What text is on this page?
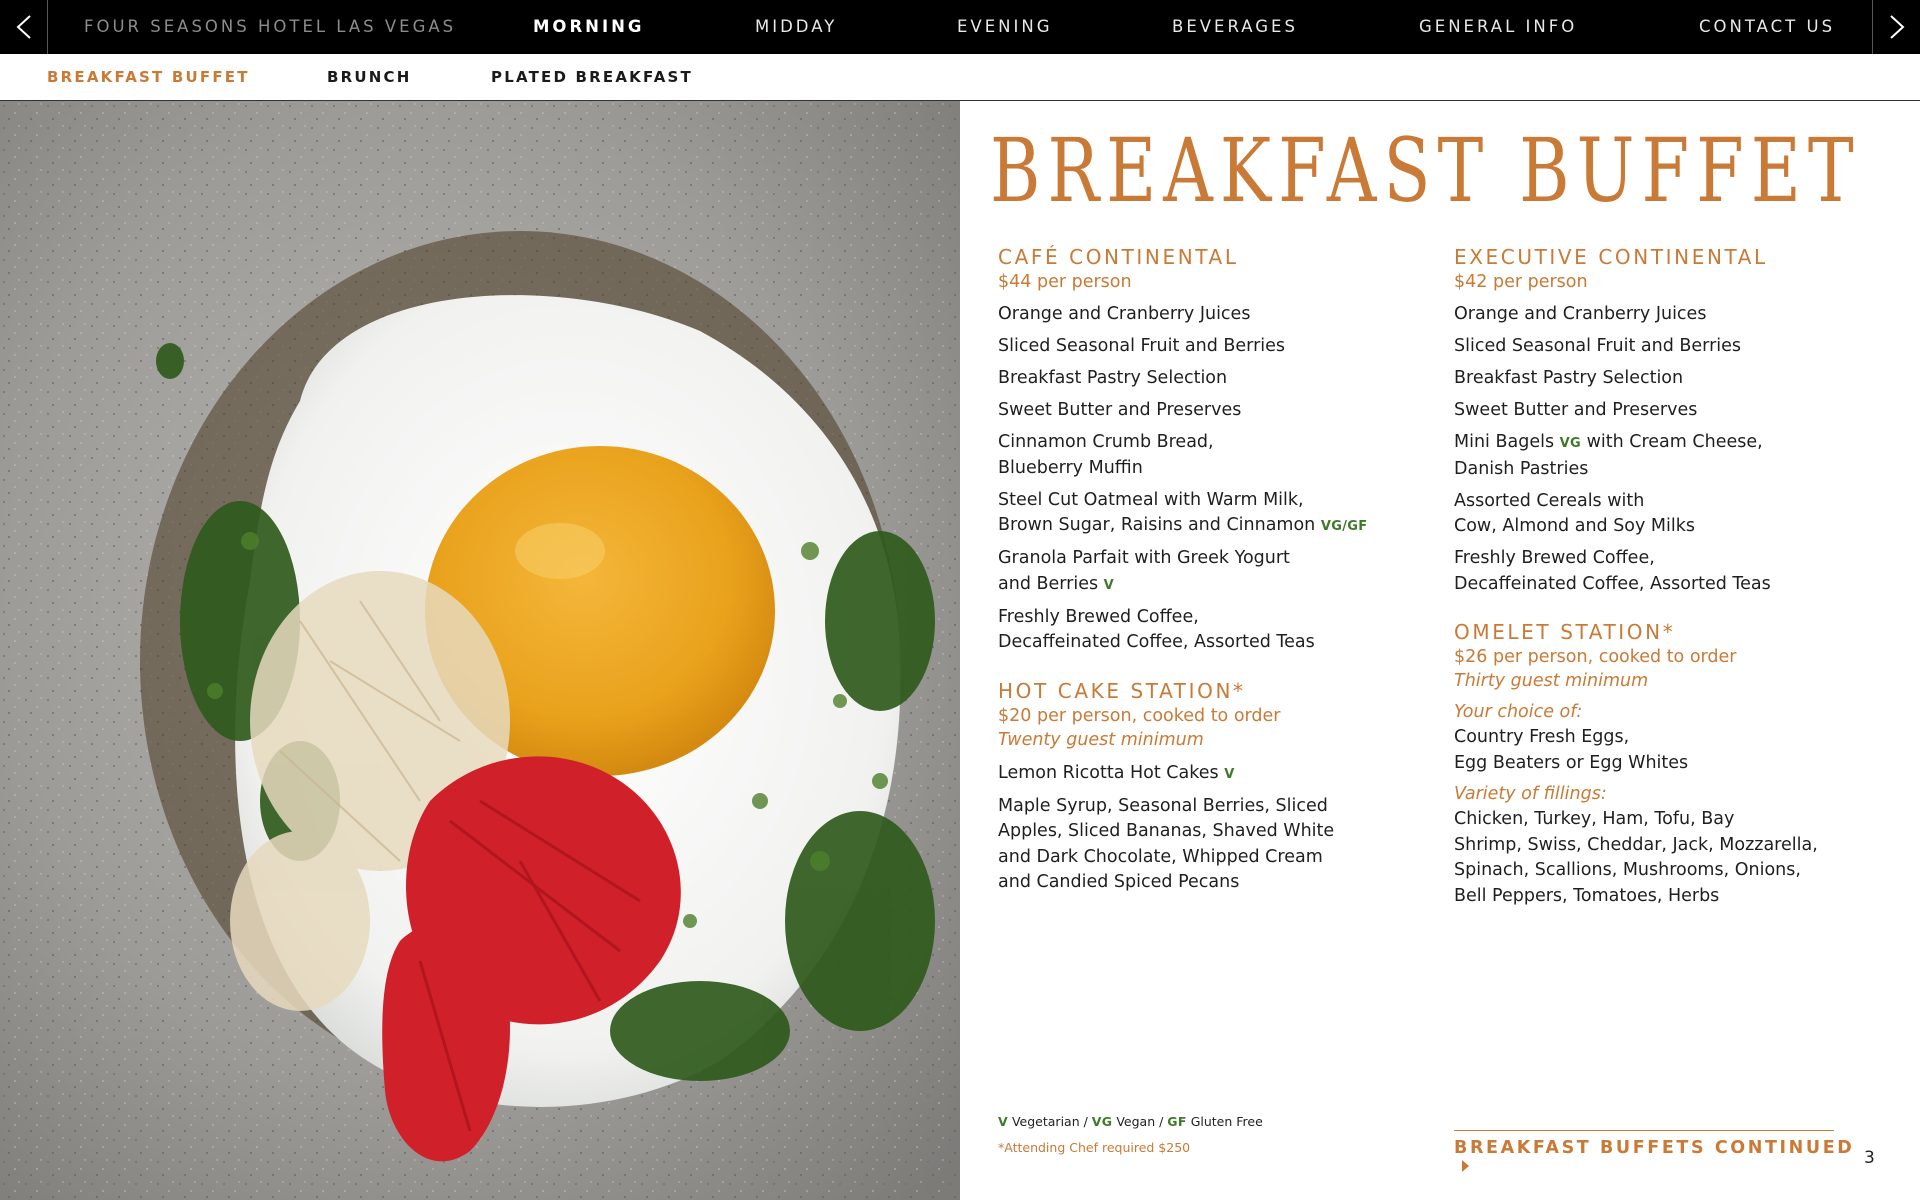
FOUR SEASONS HOTEL LAS VEGAS	MORNING	MIDDAY	EVENING	BEVERAGES	GENERAL INFO	CONTACT US
BREAKFAST BUFFET	BRUNCH	PLATED BREAKFAST
BREAKFAST BUFFET
CAFÉ CONTINENTAL
$44 per person
Orange and Cranberry Juices
Sliced Seasonal Fruit and Berries
Breakfast Pastry Selection
Sweet Butter and Preserves
Cinnamon Crumb Bread,
Blueberry Muffin
Steel Cut Oatmeal with Warm Milk,
Brown Sugar, Raisins and Cinnamon VG/GF
Granola Parfait with Greek Yogurt
and Berries V
Freshly Brewed Coffee,
Decaffeinated Coffee, Assorted Teas
HOT CAKE STATION*
$20 per person, cooked to order
Twenty guest minimum
Lemon Ricotta Hot Cakes V
Maple Syrup, Seasonal Berries, Sliced
Apples, Sliced Bananas, Shaved White
and Dark Chocolate, Whipped Cream
and Candied Spiced Pecans
EXECUTIVE CONTINENTAL
$42 per person
Orange and Cranberry Juices
Sliced Seasonal Fruit and Berries
Breakfast Pastry Selection
Sweet Butter and Preserves
Mini Bagels VG with Cream Cheese,
Danish Pastries
Assorted Cereals with
Cow, Almond and Soy Milks
Freshly Brewed Coffee,
Decaffeinated Coffee, Assorted Teas
OMELET STATION*
$26 per person, cooked to order
Thirty guest minimum
Your choice of:
Country Fresh Eggs,
Egg Beaters or Egg Whites
Variety of fillings:
Chicken, Turkey, Ham, Tofu, Bay
Shrimp, Swiss, Cheddar, Jack, Mozzarella,
Spinach, Scallions, Mushrooms, Onions,
Bell Peppers, Tomatoes, Herbs
V Vegetarian / VG Vegan / GF Gluten Free
*Attending Chef required $250	BREAKFAST BUFFETS CONTINUED 3
